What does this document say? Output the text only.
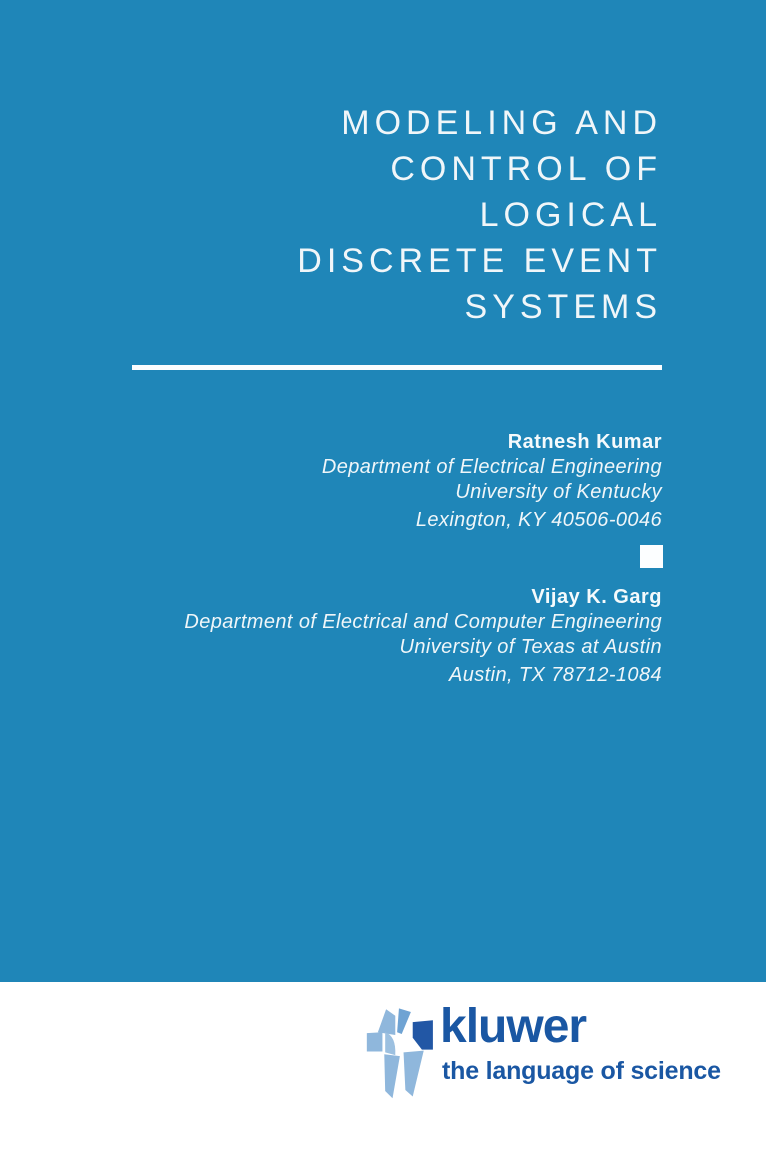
MODELING AND
CONTROL OF
LOGICAL
DISCRETE EVENT
SYSTEMS
Ratnesh Kumar
Department of Electrical Engineering
University of Kentucky
Lexington, KY 40506-0046
Vijay K. Garg
Department of Electrical and Computer Engineering
University of Texas at Austin
Austin, TX 78712-1084
kluwer
the language of science
